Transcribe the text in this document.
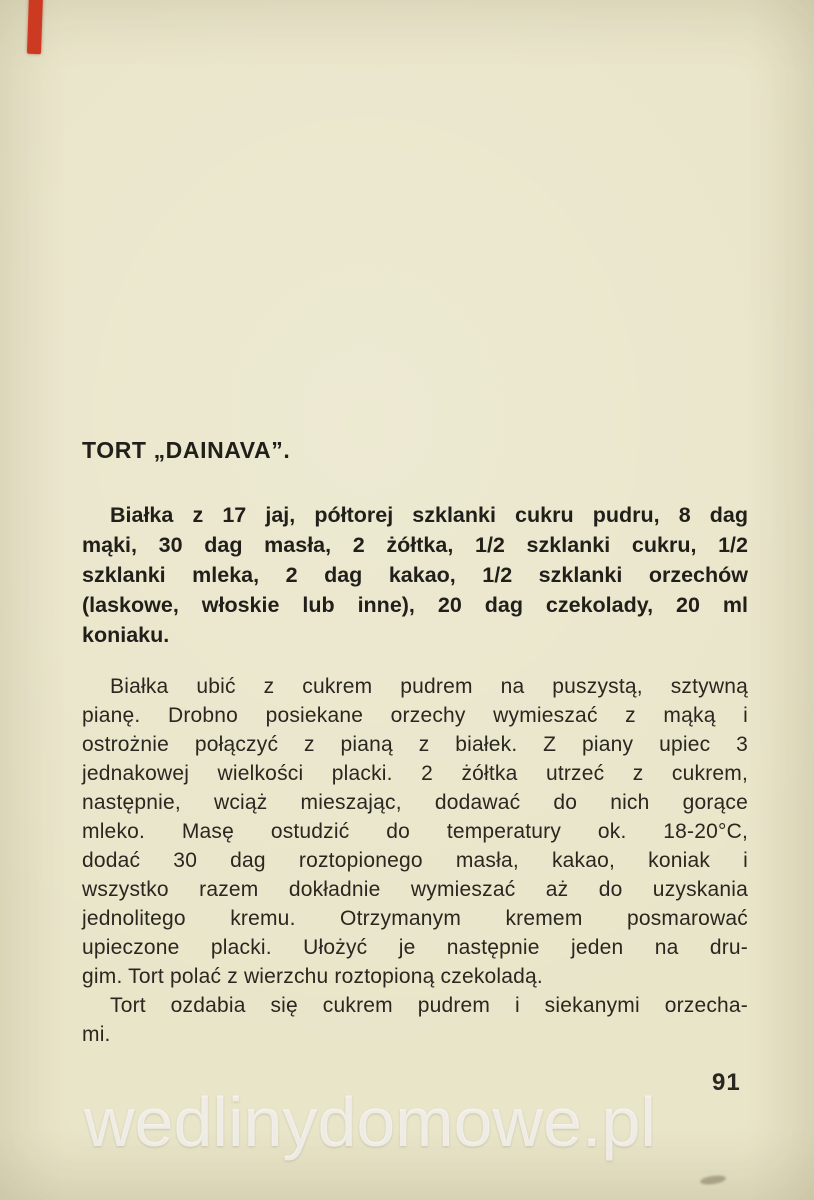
TORT „DAINAVA”.
Białka z 17 jaj, półtorej szklanki cukru pudru, 8 dag
mąki, 30 dag masła, 2 żółtka, 1/2 szklanki cukru, 1/2
szklanki mleka, 2 dag kakao, 1/2 szklanki orzechów
(laskowe, włoskie lub inne), 20 dag czekolady, 20 ml
koniaku.
Białka ubić z cukrem pudrem na puszystą, sztywną
pianę. Drobno posiekane orzechy wymieszać z mąką i
ostrożnie połączyć z pianą z białek. Z piany upiec 3
jednakowej wielkości placki. 2 żółtka utrzeć z cukrem,
następnie, wciąż mieszając, dodawać do nich gorące
mleko. Masę ostudzić do temperatury ok. 18-20°C,
dodać 30 dag roztopionego masła, kakao, koniak i
wszystko razem dokładnie wymieszać aż do uzyskania
jednolitego kremu. Otrzymanym kremem posmarować
upieczone placki. Ułożyć je następnie jeden na dru-
gim. Tort polać z wierzchu roztopioną czekoladą.
Tort ozdabia się cukrem pudrem i siekanymi orzecha-
mi.
91
wedlinydomowe.pl
